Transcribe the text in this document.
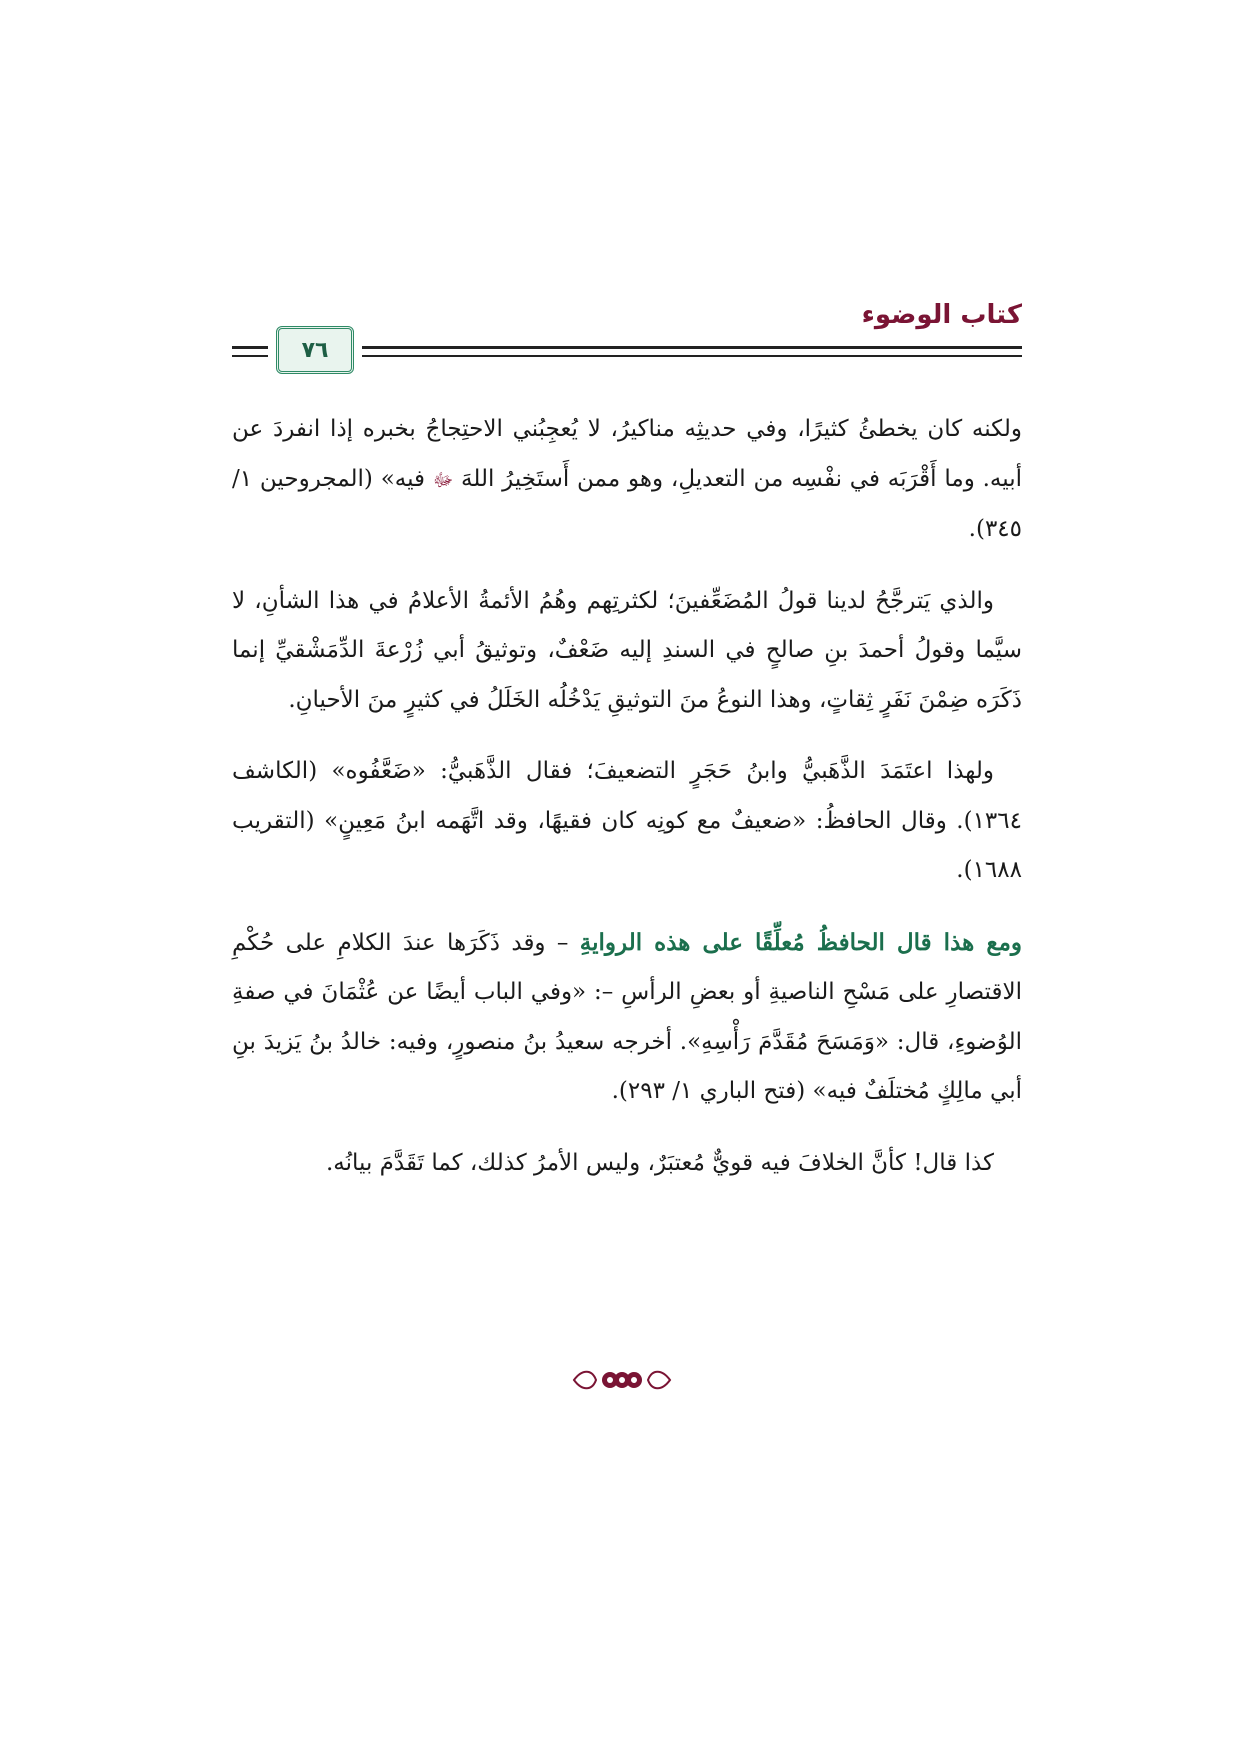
كتاب الوضوء
٧٦

ولكنه كان يخطئُ كثيرًا، وفي حديثِه مناكيرُ، لا يُعجِبُني الاحتِجاجُ بخبره إذا انفردَ عن أبيه. وما أَقْرَبَه في نفْسِه من التعديلِ، وهو ممن أَستَخِيرُ اللهَ ﷻ فيه» (المجروحين ١/ ٣٤٥).

والذي يَترجَّحُ لدينا قولُ المُضَعِّفينَ؛ لكثرتِهم وهُمُ الأئمةُ الأعلامُ في هذا الشأنِ، لا سيَّما وقولُ أحمدَ بنِ صالحٍ في السندِ إليه ضَعْفٌ، وتوثيقُ أبي زُرْعةَ الدِّمَشْقيِّ إنما ذَكَرَه ضِمْنَ نَفَرٍ ثِقاتٍ، وهذا النوعُ منَ التوثيقِ يَدْخُلُه الخَلَلُ في كثيرٍ منَ الأحيانِ.

ولهذا اعتَمَدَ الذَّهَبيُّ وابنُ حَجَرٍ التضعيفَ؛ فقال الذَّهَبيُّ: «ضَعَّفُوه» (الكاشف ١٣٦٤). وقال الحافظُ: «ضعيفٌ مع كونِه كان فقيهًا، وقد اتَّهَمه ابنُ مَعِينٍ» (التقريب ١٦٨٨).

ومع هذا قال الحافظُ مُعلِّقًا على هذه الروايةِ – وقد ذَكَرَها عندَ الكلامِ على حُكْمِ الاقتصارِ على مَسْحِ الناصيةِ أو بعضِ الرأسِ –: «وفي الباب أيضًا عن عُثْمَانَ في صفةِ الوُضوءِ، قال: «وَمَسَحَ مُقَدَّمَ رَأْسِهِ». أخرجه سعيدُ بنُ منصورٍ، وفيه: خالدُ بنُ يَزيدَ بنِ أبي مالِكٍ مُختلَفٌ فيه» (فتح الباري ١/ ٢٩٣).

كذا قال! كأنَّ الخلافَ فيه قويٌّ مُعتبَرٌ، وليس الأمرُ كذلك، كما تَقَدَّمَ بيانُه.
